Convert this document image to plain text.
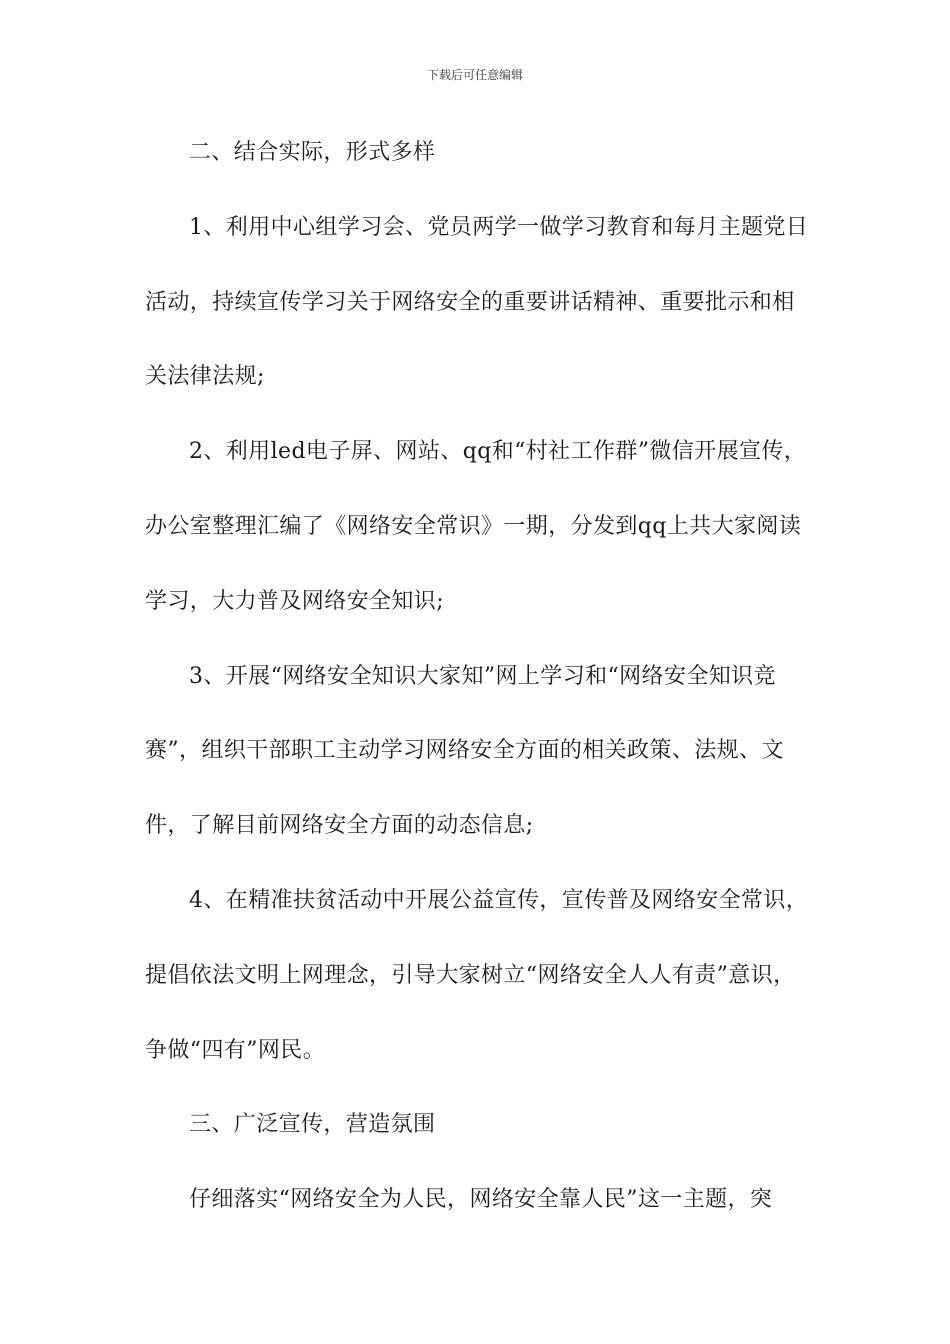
下载后可任意编辑
二、结合实际，形式多样
1、利用中心组学习会、党员两学一做学习教育和每月主题党日
活动，持续宣传学习关于网络安全的重要讲话精神、重要批示和相
关法律法规;
2、利用led电子屏、网站、qq和“村社工作群”微信开展宣传，
办公室整理汇编了《网络安全常识》一期，分发到qq上共大家阅读
学习，大力普及网络安全知识;
3、开展“网络安全知识大家知”网上学习和“网络安全知识竞
赛”，组织干部职工主动学习网络安全方面的相关政策、法规、文
件，了解目前网络安全方面的动态信息;
4、在精准扶贫活动中开展公益宣传，宣传普及网络安全常识，
提倡依法文明上网理念，引导大家树立“网络安全人人有责”意识，
争做“四有”网民。
三、广泛宣传，营造氛围
仔细落实“网络安全为人民，网络安全靠人民”这一主题，突
